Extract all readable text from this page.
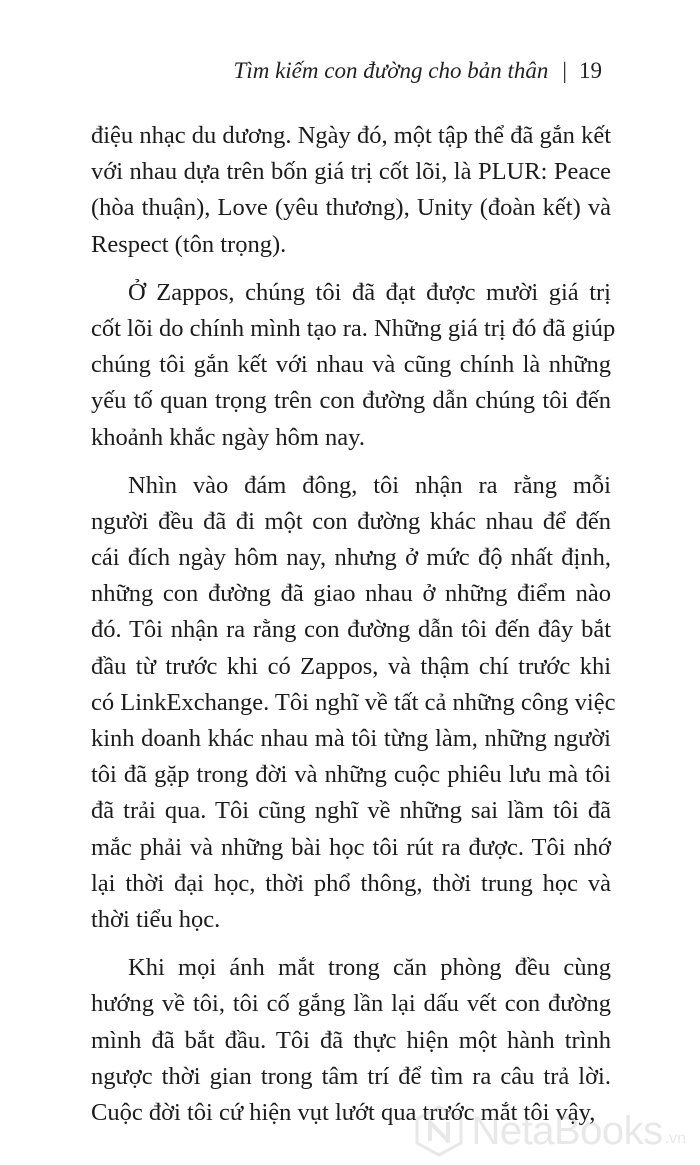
Tìm kiếm con đường cho bản thân | 19
điệu nhạc du dương. Ngày đó, một tập thể đã gắn kết
với nhau dựa trên bốn giá trị cốt lõi, là PLUR: Peace
(hòa thuận), Love (yêu thương), Unity (đoàn kết) và
Respect (tôn trọng).
Ở Zappos, chúng tôi đã đạt được mười giá trị
cốt lõi do chính mình tạo ra. Những giá trị đó đã giúp
chúng tôi gắn kết với nhau và cũng chính là những
yếu tố quan trọng trên con đường dẫn chúng tôi đến
khoảnh khắc ngày hôm nay.
Nhìn vào đám đông, tôi nhận ra rằng mỗi
người đều đã đi một con đường khác nhau để đến
cái đích ngày hôm nay, nhưng ở mức độ nhất định,
những con đường đã giao nhau ở những điểm nào
đó. Tôi nhận ra rằng con đường dẫn tôi đến đây bắt
đầu từ trước khi có Zappos, và thậm chí trước khi
có LinkExchange. Tôi nghĩ về tất cả những công việc
kinh doanh khác nhau mà tôi từng làm, những người
tôi đã gặp trong đời và những cuộc phiêu lưu mà tôi
đã trải qua. Tôi cũng nghĩ về những sai lầm tôi đã
mắc phải và những bài học tôi rút ra được. Tôi nhớ
lại thời đại học, thời phổ thông, thời trung học và
thời tiểu học.
Khi mọi ánh mắt trong căn phòng đều cùng
hướng về tôi, tôi cố gắng lần lại dấu vết con đường
mình đã bắt đầu. Tôi đã thực hiện một hành trình
ngược thời gian trong tâm trí để tìm ra câu trả lời.
Cuộc đời tôi cứ hiện vụt lướt qua trước mắt tôi vậy,
NetaBooks .vn
